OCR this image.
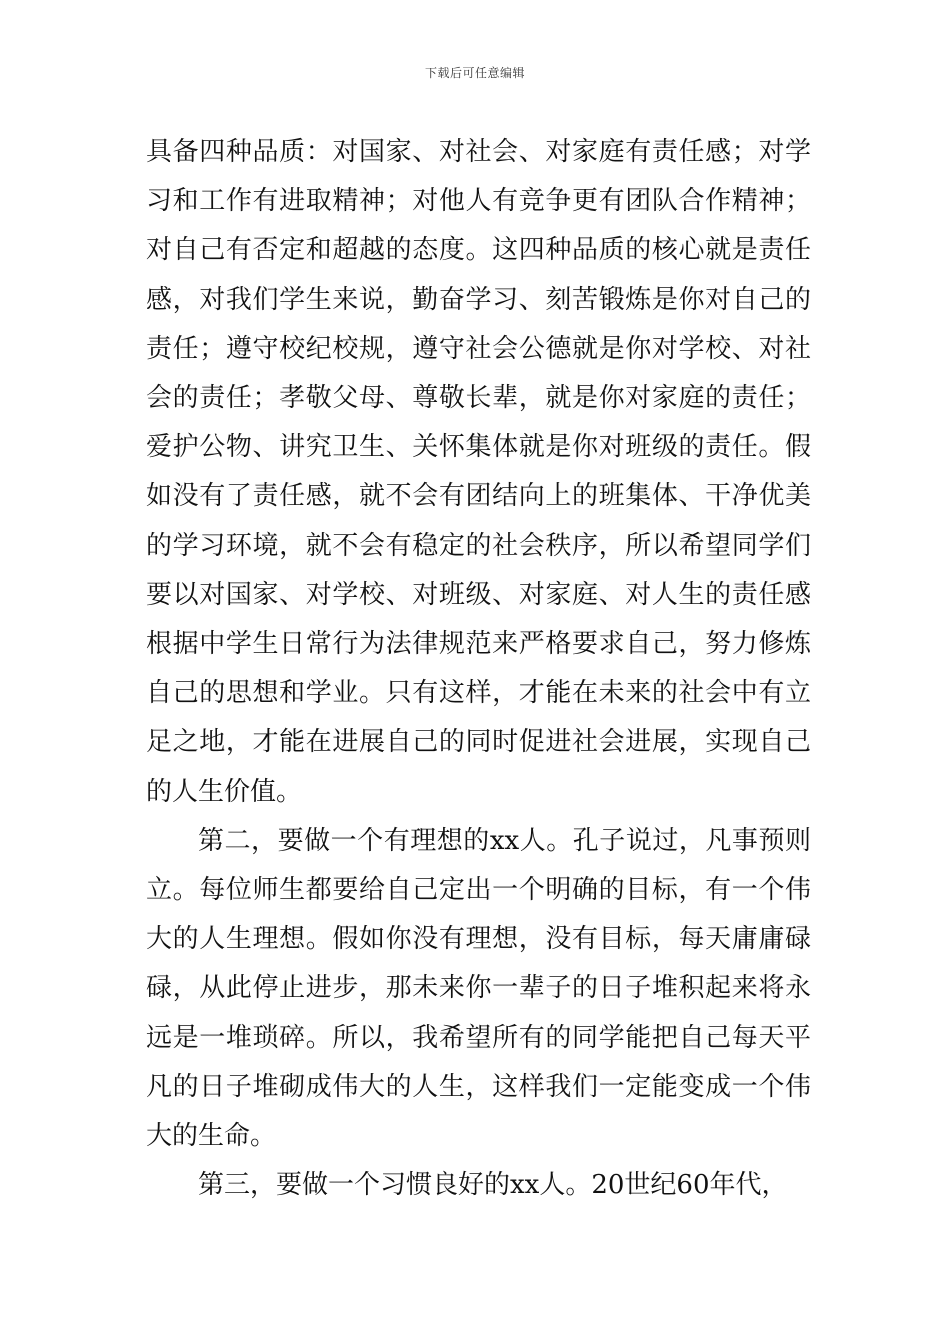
下载后可任意编辑

具备四种品质：对国家、对社会、对家庭有责任感；对学习和工作有进取精神；对他人有竞争更有团队合作精神；对自己有否定和超越的态度。这四种品质的核心就是责任感，对我们学生来说，勤奋学习、刻苦锻炼是你对自己的责任；遵守校纪校规，遵守社会公德就是你对学校、对社会的责任；孝敬父母、尊敬长辈，就是你对家庭的责任；爱护公物、讲究卫生、关怀集体就是你对班级的责任。假如没有了责任感，就不会有团结向上的班集体、干净优美的学习环境，就不会有稳定的社会秩序，所以希望同学们要以对国家、对学校、对班级、对家庭、对人生的责任感根据中学生日常行为法律规范来严格要求自己，努力修炼自己的思想和学业。只有这样，才能在未来的社会中有立足之地，才能在进展自己的同时促进社会进展，实现自己的人生价值。

第二，要做一个有理想的xx人。孔子说过，凡事预则立。每位师生都要给自己定出一个明确的目标，有一个伟大的人生理想。假如你没有理想，没有目标，每天庸庸碌碌，从此停止进步，那未来你一辈子的日子堆积起来将永远是一堆琐碎。所以，我希望所有的同学能把自己每天平凡的日子堆砌成伟大的人生，这样我们一定能变成一个伟大的生命。

第三，要做一个习惯良好的xx人。20世纪60年代，
